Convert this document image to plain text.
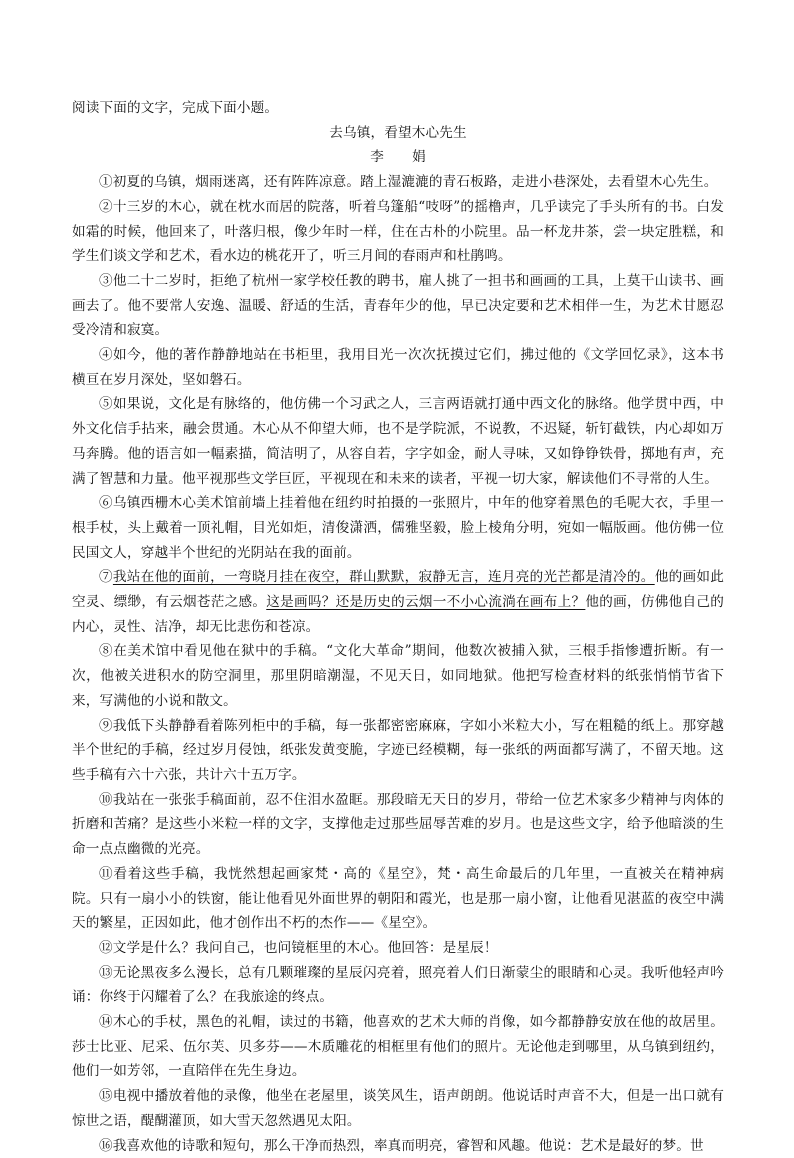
阅读下面的文字，完成下面小题。

去乌镇，看望木心先生

李 娟

①初夏的乌镇，烟雨迷离，还有阵阵凉意。踏上湿漉漉的青石板路，走进小巷深处，去看望木心先生。

②十三岁的木心，就在枕水而居的院落，听着乌篷船“吱呀”的摇橹声，几乎读完了手头所有的书。白发如霜的时候，他回来了，叶落归根，像少年时一样，住在古朴的小院里。品一杯龙井茶，尝一块定胜糕，和学生们谈文学和艺术，看水边的桃花开了，听三月间的春雨声和杜鹃鸣。

③他二十二岁时，拒绝了杭州一家学校任教的聘书，雇人挑了一担书和画画的工具，上莫干山读书、画画去了。他不要常人安逸、温暖、舒适的生活，青春年少的他，早已决定要和艺术相伴一生，为艺术甘愿忍受冷清和寂寞。

④如今，他的著作静静地站在书柜里，我用目光一次次抚摸过它们，拂过他的《文学回忆录》，这本书横亘在岁月深处，坚如磐石。

⑤如果说，文化是有脉络的，他仿佛一个习武之人，三言两语就打通中西文化的脉络。他学贯中西，中外文化信手拈来，融会贯通。木心从不仰望大师，也不是学院派，不说教，不迟疑，斩钉截铁，内心却如万马奔腾。他的语言如一幅素描，简洁明了，从容自若，字字如金，耐人寻味，又如铮铮铁骨，掷地有声，充满了智慧和力量。他平视那些文学巨匠，平视现在和未来的读者，平视一切大家，解读他们不寻常的人生。

⑥乌镇西栅木心美术馆前墙上挂着他在纽约时拍摄的一张照片，中年的他穿着黑色的毛呢大衣，手里一根手杖，头上戴着一顶礼帽，目光如炬，清俊潇洒，儒雅坚毅，脸上棱角分明，宛如一幅版画。他仿佛一位民国文人，穿越半个世纪的光阴站在我的面前。

⑦我站在他的面前，一弯晓月挂在夜空，群山默默，寂静无言，连月亮的光芒都是清冷的。他的画如此空灵、缥缈，有云烟苍茫之感。这是画吗？还是历史的云烟一不小心流淌在画布上？他的画，仿佛他自己的内心，灵性、洁净，却无比悲伤和苍凉。

⑧在美术馆中看见他在狱中的手稿。“文化大革命”期间，他数次被捕入狱，三根手指惨遭折断。有一次，他被关进积水的防空洞里，那里阴暗潮湿，不见天日，如同地狱。他把写检查材料的纸张悄悄节省下来，写满他的小说和散文。

⑨我低下头静静看着陈列柜中的手稿，每一张都密密麻麻，字如小米粒大小，写在粗糙的纸上。那穿越半个世纪的手稿，经过岁月侵蚀，纸张发黄变脆，字迹已经模糊，每一张纸的两面都写满了，不留天地。这些手稿有六十六张，共计六十五万字。

⑩我站在一张张手稿面前，忍不住泪水盈眶。那段暗无天日的岁月，带给一位艺术家多少精神与肉体的折磨和苦痛？是这些小米粒一样的文字，支撑他走过那些屈辱苦难的岁月。也是这些文字，给予他暗淡的生命一点点幽微的光亮。

⑪看着这些手稿，我恍然想起画家梵・高的《星空》，梵・高生命最后的几年里，一直被关在精神病院。只有一扇小小的铁窗，能让他看见外面世界的朝阳和霞光，也是那一扇小窗，让他看见湛蓝的夜空中满天的繁星，正因如此，他才创作出不朽的杰作——《星空》。

⑫文学是什么？我问自己，也问镜框里的木心。他回答：是星辰！

⑬无论黑夜多么漫长，总有几颗璀璨的星辰闪亮着，照亮着人们日渐蒙尘的眼睛和心灵。我听他轻声吟诵：你终于闪耀着了么？在我旅途的终点。

⑭木心的手杖，黑色的礼帽，读过的书籍，他喜欢的艺术大师的肖像，如今都静静安放在他的故居里。莎士比亚、尼采、伍尔芙、贝多芬——木质雕花的相框里有他们的照片。无论他走到哪里，从乌镇到纽约，他们一如芳邻，一直陪伴在先生身边。

⑮电视中播放着他的录像，他坐在老屋里，谈笑风生，语声朗朗。他说话时声音不大，但是一出口就有惊世之语，醍醐灌顶，如大雪天忽然遇见太阳。

⑯我喜欢他的诗歌和短句，那么干净而热烈，率真而明亮，睿智和风趣。他说：艺术是最好的梦。世
